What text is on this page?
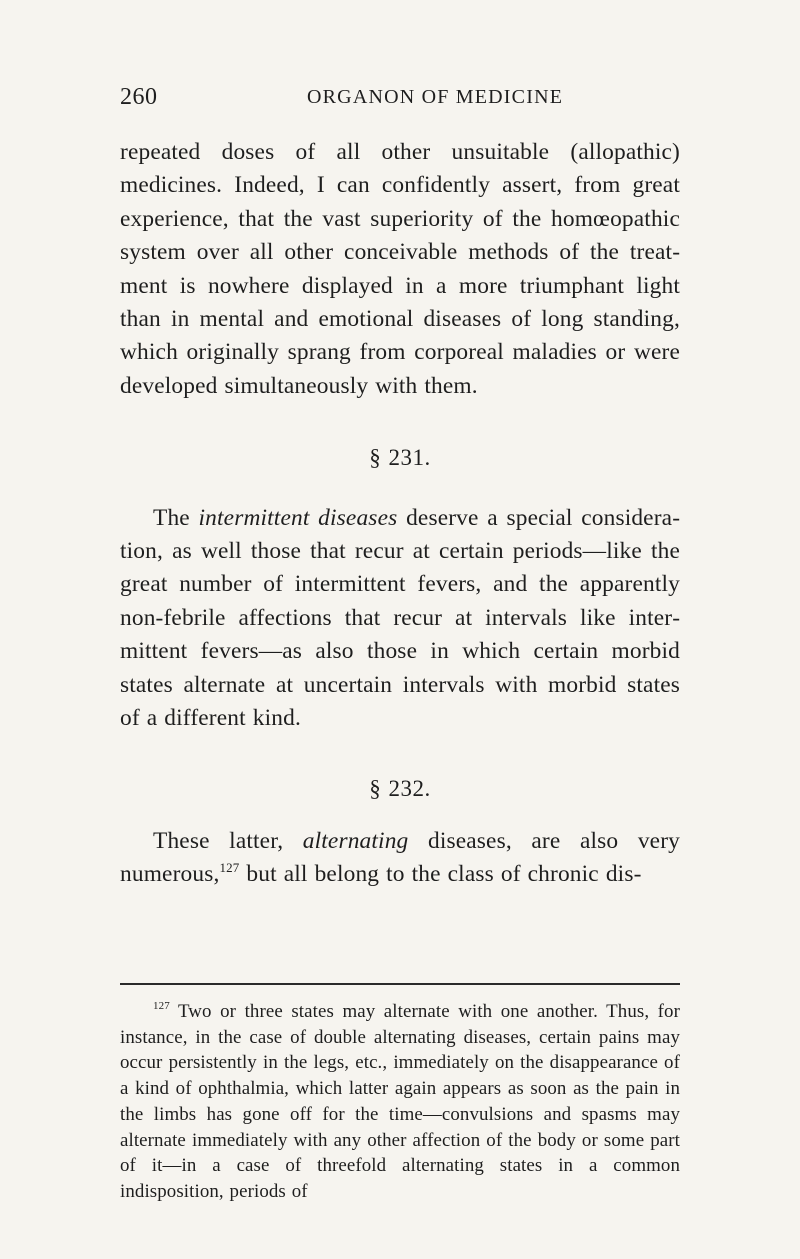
260	ORGANON OF MEDICINE

repeated doses of all other unsuitable (allopathic) medicines. Indeed, I can confidently assert, from great experience, that the vast superiority of the homœopathic system over all other conceivable methods of the treatment is nowhere displayed in a more triumphant light than in mental and emotional diseases of long standing, which originally sprang from corporeal maladies or were developed simultaneously with them.

§ 231.

The intermittent diseases deserve a special consideration, as well those that recur at certain periods—like the great number of intermittent fevers, and the apparently non-febrile affections that recur at intervals like intermittent fevers—as also those in which certain morbid states alternate at uncertain intervals with morbid states of a different kind.

§ 232.

These latter, alternating diseases, are also very numerous,$^{127}$ but all belong to the class of chronic dis-

$^{127}$ Two or three states may alternate with one another. Thus, for instance, in the case of double alternating diseases, certain pains may occur persistently in the legs, etc., immediately on the disappearance of a kind of ophthalmia, which latter again appears as soon as the pain in the limbs has gone off for the time—convulsions and spasms may alternate immediately with any other affection of the body or some part of it—in a case of threefold alternating states in a common indisposition, periods of
